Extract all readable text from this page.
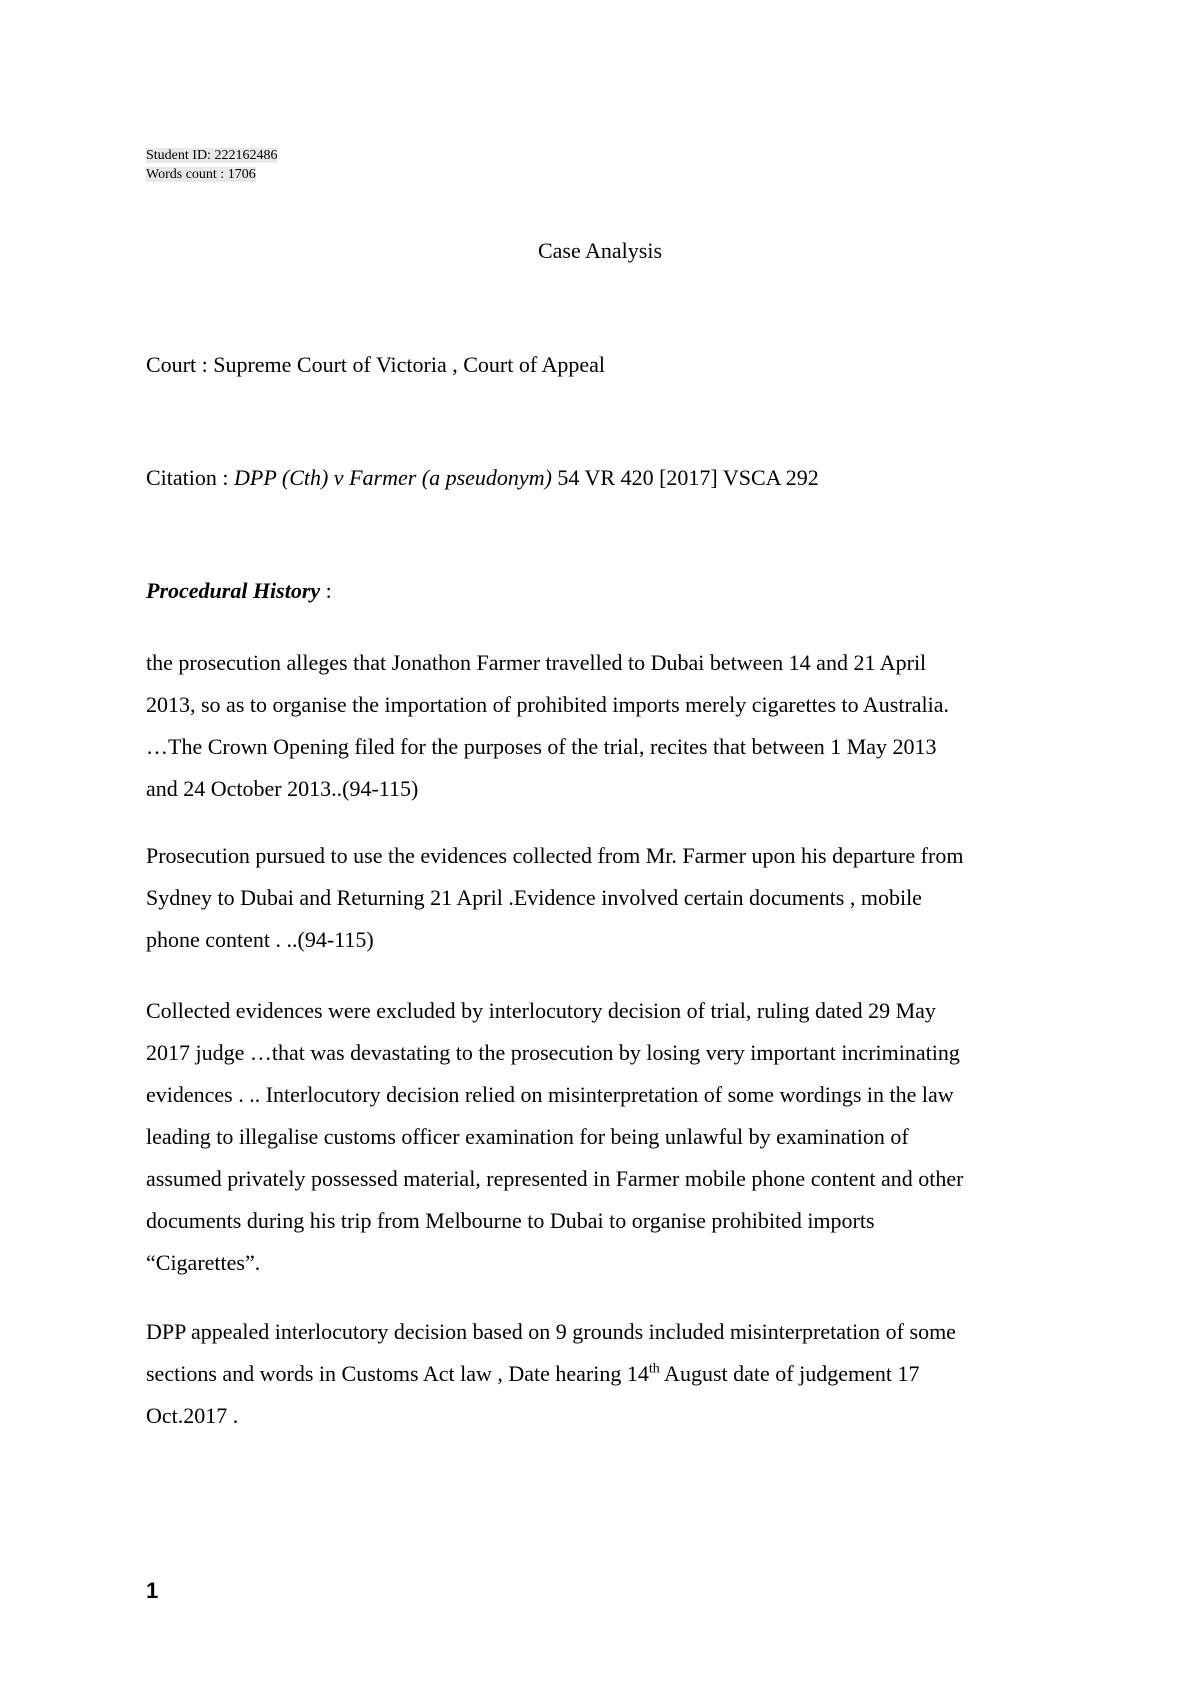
Student ID: 222162486
Words count : 1706
Case Analysis
Court : Supreme Court of Victoria , Court of Appeal
Citation : DPP (Cth) v Farmer (a pseudonym) 54 VR 420 [2017] VSCA 292
Procedural History :
the prosecution alleges that Jonathon Farmer travelled to Dubai between 14 and 21 April
2013, so as to organise the importation of prohibited imports merely cigarettes to Australia.
…The Crown Opening filed for the purposes of the trial, recites that between 1 May 2013
and 24 October 2013..(94-115)
Prosecution pursued to use the evidences collected from Mr. Farmer upon his departure from
Sydney to Dubai and Returning 21 April .Evidence involved certain documents , mobile
phone content . ..(94-115)
Collected evidences were excluded by interlocutory decision of trial, ruling dated 29 May
2017 judge …that was devastating to the prosecution by losing very important incriminating
evidences . .. Interlocutory decision relied on misinterpretation of some wordings in the law
leading to illegalise customs officer examination for being unlawful by examination of
assumed privately possessed material, represented in Farmer mobile phone content and other
documents during his trip from Melbourne to Dubai to organise prohibited imports
“Cigarettes”.
DPP appealed interlocutory decision based on 9 grounds included misinterpretation of some
sections and words in Customs Act law , Date hearing 14th August date of judgement 17
Oct.2017 .
1
